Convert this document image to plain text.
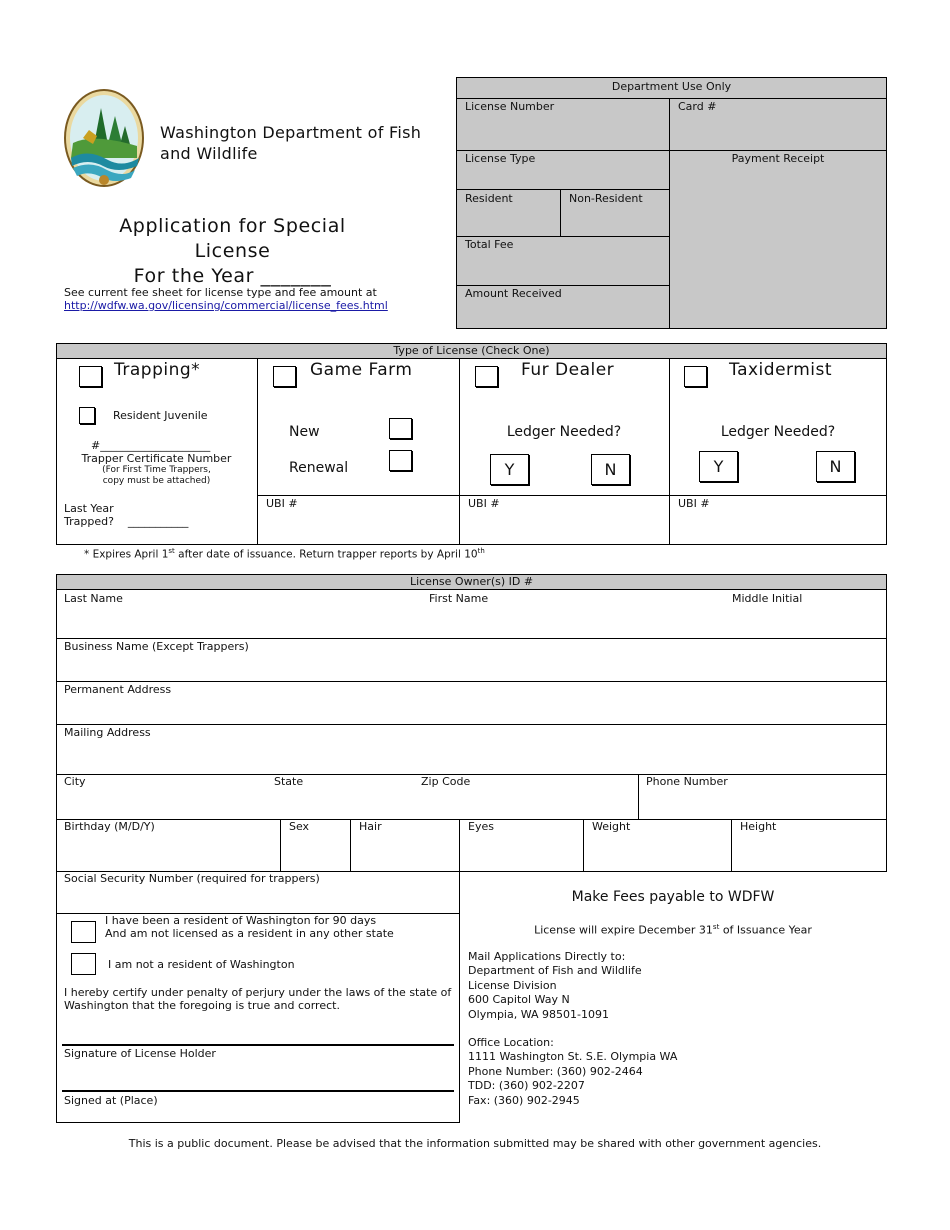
Washington Department of Fish
and Wildlife
Application for Special License
For the Year _______
See current fee sheet for license type and fee amount at
http://wdfw.wa.gov/licensing/commercial/license_fees.html
Department Use Only
License Number	Card #
License Type	Payment Receipt
Resident	Non-Resident
Total Fee
Amount Received
Type of License (Check One)
Trapping*
Resident Juvenile
#____________________
Trapper Certificate Number
(For First Time Trappers,
copy must be attached)
Last Year
Trapped? ___________
Game Farm
New
Renewal
UBI #
Fur Dealer
Ledger Needed?
Y	N
UBI #
Taxidermist
Ledger Needed?
Y	N
UBI #
* Expires April 1st after date of issuance. Return trapper reports by April 10th
License Owner(s) ID #
Last Name	First Name	Middle Initial
Business Name (Except Trappers)
Permanent Address
Mailing Address
City	State	Zip Code	Phone Number
Birthday (M/D/Y)	Sex	Hair	Eyes	Weight	Height
Social Security Number (required for trappers)
I have been a resident of Washington for 90 days
And am not licensed as a resident in any other state
I am not a resident of Washington
I hereby certify under penalty of perjury under the laws of the state of
Washington that the foregoing is true and correct.
Signature of License Holder
Signed at (Place)
Make Fees payable to WDFW
License will expire December 31st of Issuance Year
Mail Applications Directly to:
Department of Fish and Wildlife
License Division
600 Capitol Way N
Olympia, WA 98501-1091
Office Location:
1111 Washington St. S.E. Olympia WA
Phone Number: (360) 902-2464
TDD: (360) 902-2207
Fax: (360) 902-2945
This is a public document. Please be advised that the information submitted may be shared with other government agencies.
